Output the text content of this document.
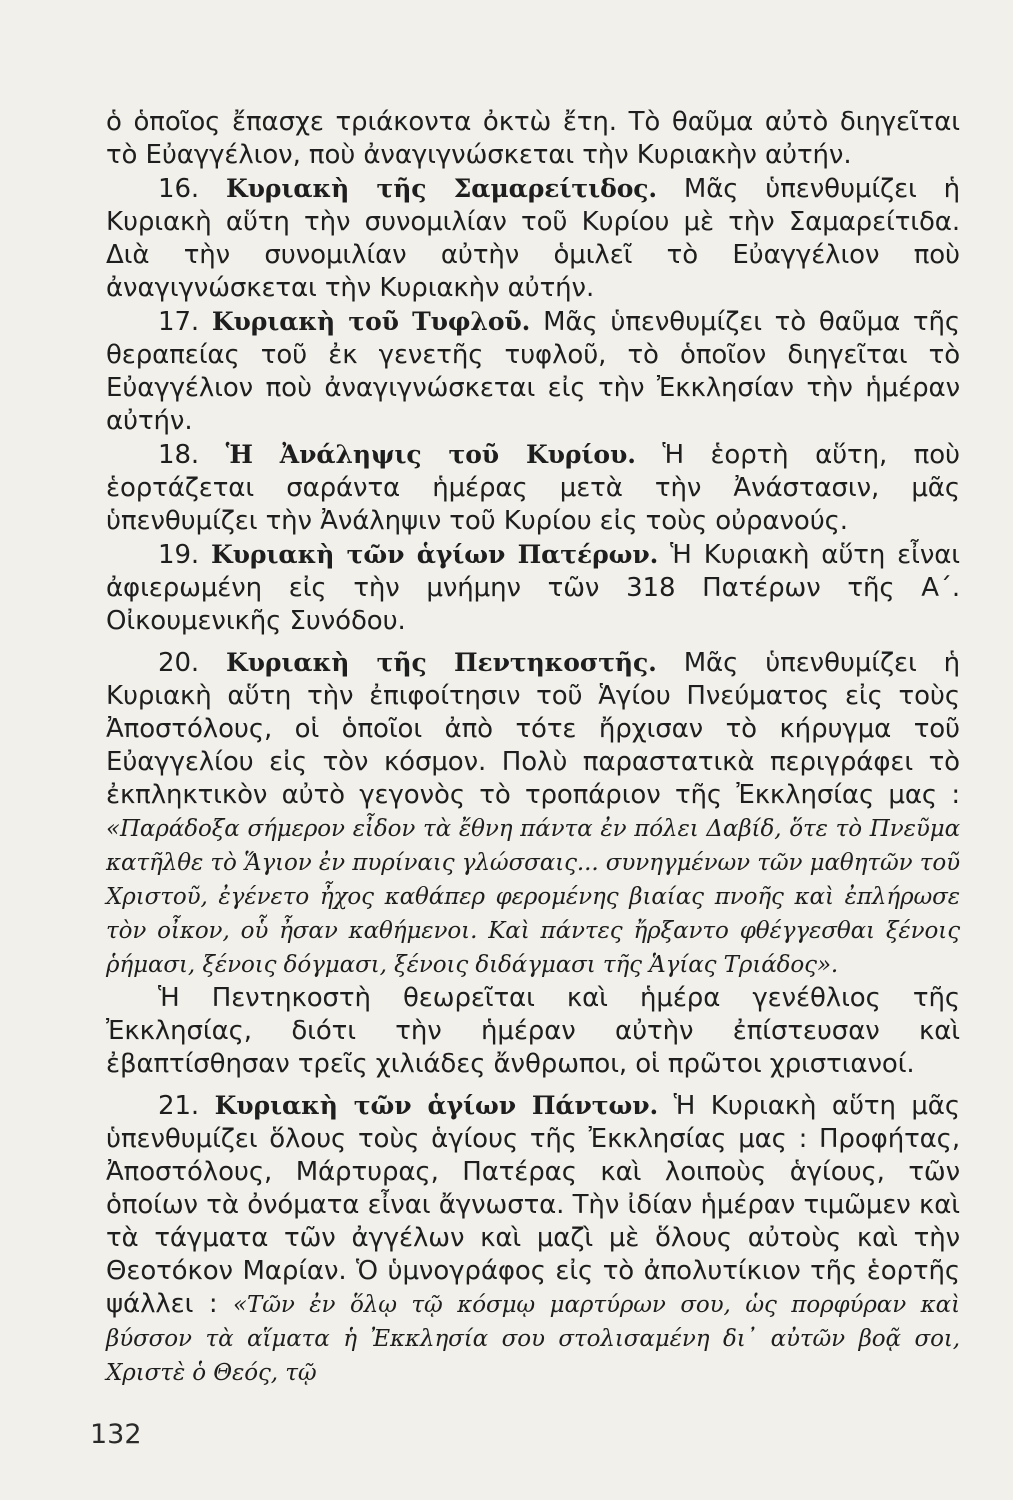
ὁ ὁποῖος ἔπασχε τριάκοντα ὀκτὼ ἔτη. Τὸ θαῦμα αὐτὸ διηγεῖται τὸ Εὐαγγέλιον, ποὺ ἀναγιγνώσκεται τὴν Κυριακὴν αὐτήν.

16. Κυριακὴ τῆς Σαμαρείτιδος. Μᾶς ὑπενθυμίζει ἡ Κυριακὴ αὕτη τὴν συνομιλίαν τοῦ Κυρίου μὲ τὴν Σαμαρείτιδα. Διὰ τὴν συνομιλίαν αὐτὴν ὁμιλεῖ τὸ Εὐαγγέλιον ποὺ ἀναγιγνώσκεται τὴν Κυριακὴν αὐτήν.

17. Κυριακὴ τοῦ Τυφλοῦ. Μᾶς ὑπενθυμίζει τὸ θαῦμα τῆς θεραπείας τοῦ ἐκ γενετῆς τυφλοῦ, τὸ ὁποῖον διηγεῖται τὸ Εὐαγγέλιον ποὺ ἀναγιγνώσκεται εἰς τὴν Ἐκκλησίαν τὴν ἡμέραν αὐτήν.

18. Ἡ Ἀνάληψις τοῦ Κυρίου. Ἡ ἑορτὴ αὕτη, ποὺ ἑορτάζεται σαράντα ἡμέρας μετὰ τὴν Ἀνάστασιν, μᾶς ὑπενθυμίζει τὴν Ἀνάληψιν τοῦ Κυρίου εἰς τοὺς οὐρανούς.

19. Κυριακὴ τῶν ἁγίων Πατέρων. Ἡ Κυριακὴ αὕτη εἶναι ἀφιερωμένη εἰς τὴν μνήμην τῶν 318 Πατέρων τῆς Α΄. Οἰκουμενικῆς Συνόδου.

20. Κυριακὴ τῆς Πεντηκοστῆς. Μᾶς ὑπενθυμίζει ἡ Κυριακὴ αὕτη τὴν ἐπιφοίτησιν τοῦ Ἁγίου Πνεύματος εἰς τοὺς Ἀποστόλους, οἱ ὁποῖοι ἀπὸ τότε ἤρχισαν τὸ κήρυγμα τοῦ Εὐαγγελίου εἰς τὸν κόσμον. Πολὺ παραστατικὰ περιγράφει τὸ ἐκπληκτικὸν αὐτὸ γεγονὸς τὸ τροπάριον τῆς Ἐκκλησίας μας : «Παράδοξα σήμερον εἶδον τὰ ἔθνη πάντα ἐν πόλει Δαβίδ, ὅτε τὸ Πνεῦμα κατῆλθε τὸ Ἅγιον ἐν πυρίναις γλώσσαις... συνηγμένων τῶν μαθητῶν τοῦ Χριστοῦ, ἐγένετο ἦχος καθάπερ φερομένης βιαίας πνοῆς καὶ ἐπλήρωσε τὸν οἶκον, οὗ ἦσαν καθήμενοι. Καὶ πάντες ἤρξαντο φθέγγεσθαι ξένοις ῥήμασι, ξένοις δόγμασι, ξένοις διδάγμασι τῆς Ἁγίας Τριάδος».

Ἡ Πεντηκοστὴ θεωρεῖται καὶ ἡμέρα γενέθλιος τῆς Ἐκκλησίας, διότι τὴν ἡμέραν αὐτὴν ἐπίστευσαν καὶ ἐβαπτίσθησαν τρεῖς χιλιάδες ἄνθρωποι, οἱ πρῶτοι χριστιανοί.

21. Κυριακὴ τῶν ἁγίων Πάντων. Ἡ Κυριακὴ αὕτη μᾶς ὑπενθυμίζει ὅλους τοὺς ἁγίους τῆς Ἐκκλησίας μας : Προφήτας, Ἀποστόλους, Μάρτυρας, Πατέρας καὶ λοιποὺς ἁγίους, τῶν ὁποίων τὰ ὀνόματα εἶναι ἄγνωστα. Τὴν ἰδίαν ἡμέραν τιμῶμεν καὶ τὰ τάγματα τῶν ἀγγέλων καὶ μαζὶ μὲ ὅλους αὐτοὺς καὶ τὴν Θεοτόκον Μαρίαν. Ὁ ὑμνογράφος εἰς τὸ ἀπολυτίκιον τῆς ἑορτῆς ψάλλει : «Τῶν ἐν ὅλῳ τῷ κόσμῳ μαρτύρων σου, ὡς πορφύραν καὶ βύσσον τὰ αἵματα ἡ Ἐκκλησία σου στολισαμένη δι᾿ αὐτῶν βοᾷ σοι, Χριστὲ ὁ Θεός, τῷ

132
